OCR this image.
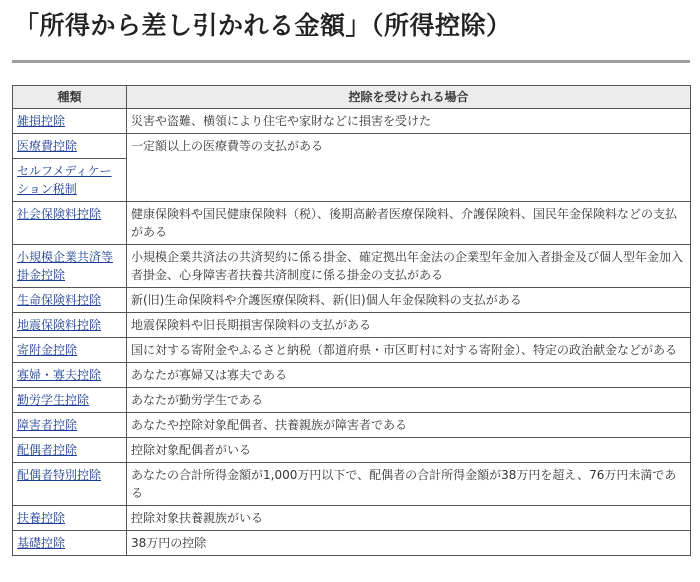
「所得から差し引かれる金額」（所得控除）
種類	控除を受けられる場合
雑損控除	災害や盗難、横領により住宅や家財などに損害を受けた
医療費控除	一定額以上の医療費等の支払がある
セルフメディケーション税制	
社会保険料控除	健康保険料や国民健康保険料（税）、後期高齢者医療保険料、介護保険料、国民年金保険料などの支払がある
小規模企業共済等掛金控除	小規模企業共済法の共済契約に係る掛金、確定拠出年金法の企業型年金加入者掛金及び個人型年金加入者掛金、心身障害者扶養共済制度に係る掛金の支払がある
生命保険料控除	新(旧)生命保険料や介護医療保険料、新(旧)個人年金保険料の支払がある
地震保険料控除	地震保険料や旧長期損害保険料の支払がある
寄附金控除	国に対する寄附金やふるさと納税（都道府県・市区町村に対する寄附金）、特定の政治献金などがある
寡婦・寡夫控除	あなたが寡婦又は寡夫である
勤労学生控除	あなたが勤労学生である
障害者控除	あなたや控除対象配偶者、扶養親族が障害者である
配偶者控除	控除対象配偶者がいる
配偶者特別控除	あなたの合計所得金額が1,000万円以下で、配偶者の合計所得金額が38万円を超え、76万円未満である
扶養控除	控除対象扶養親族がいる
基礎控除	38万円の控除
